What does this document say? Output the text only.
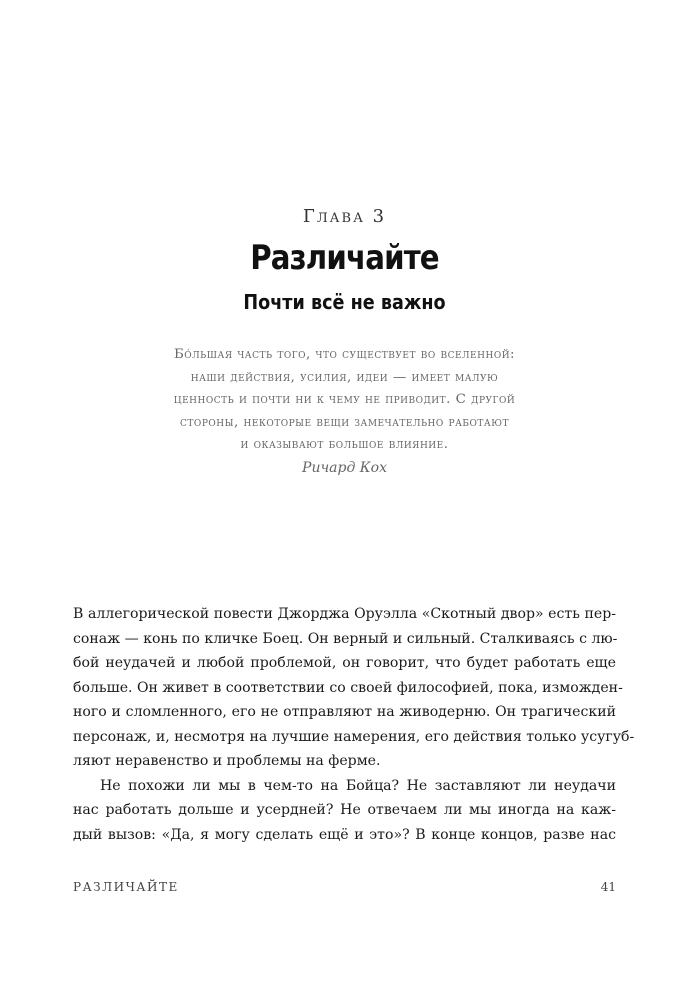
Глава 3
Различайте
Почти всё не важно
Бо́льшая часть того, что существует во вселенной:
наши действия, усилия, идеи — имеет малую
ценность и почти ни к чему не приводит. С другой
стороны, некоторые вещи замечательно работают
и оказывают большое влияние.
Ричард Кох
В аллегорической повести Джорджа Оруэлла «Скотный двор» есть пер-
сонаж — конь по кличке Боец. Он верный и сильный. Сталкиваясь с лю-
бой неудачей и любой проблемой, он говорит, что будет работать еще
больше. Он живет в соответствии со своей философией, пока, изможден-
ного и сломленного, его не отправляют на живодерню. Он трагический
персонаж, и, несмотря на лучшие намерения, его действия только усугуб-
ляют неравенство и проблемы на ферме.
Не похожи ли мы в чем-то на Бойца? Не заставляют ли неудачи
нас работать дольше и усердней? Не отвечаем ли мы иногда на каж-
дый вызов: «Да, я могу сделать ещё и это»? В конце концов, разве нас
РАЗЛИЧАЙТЕ	41
